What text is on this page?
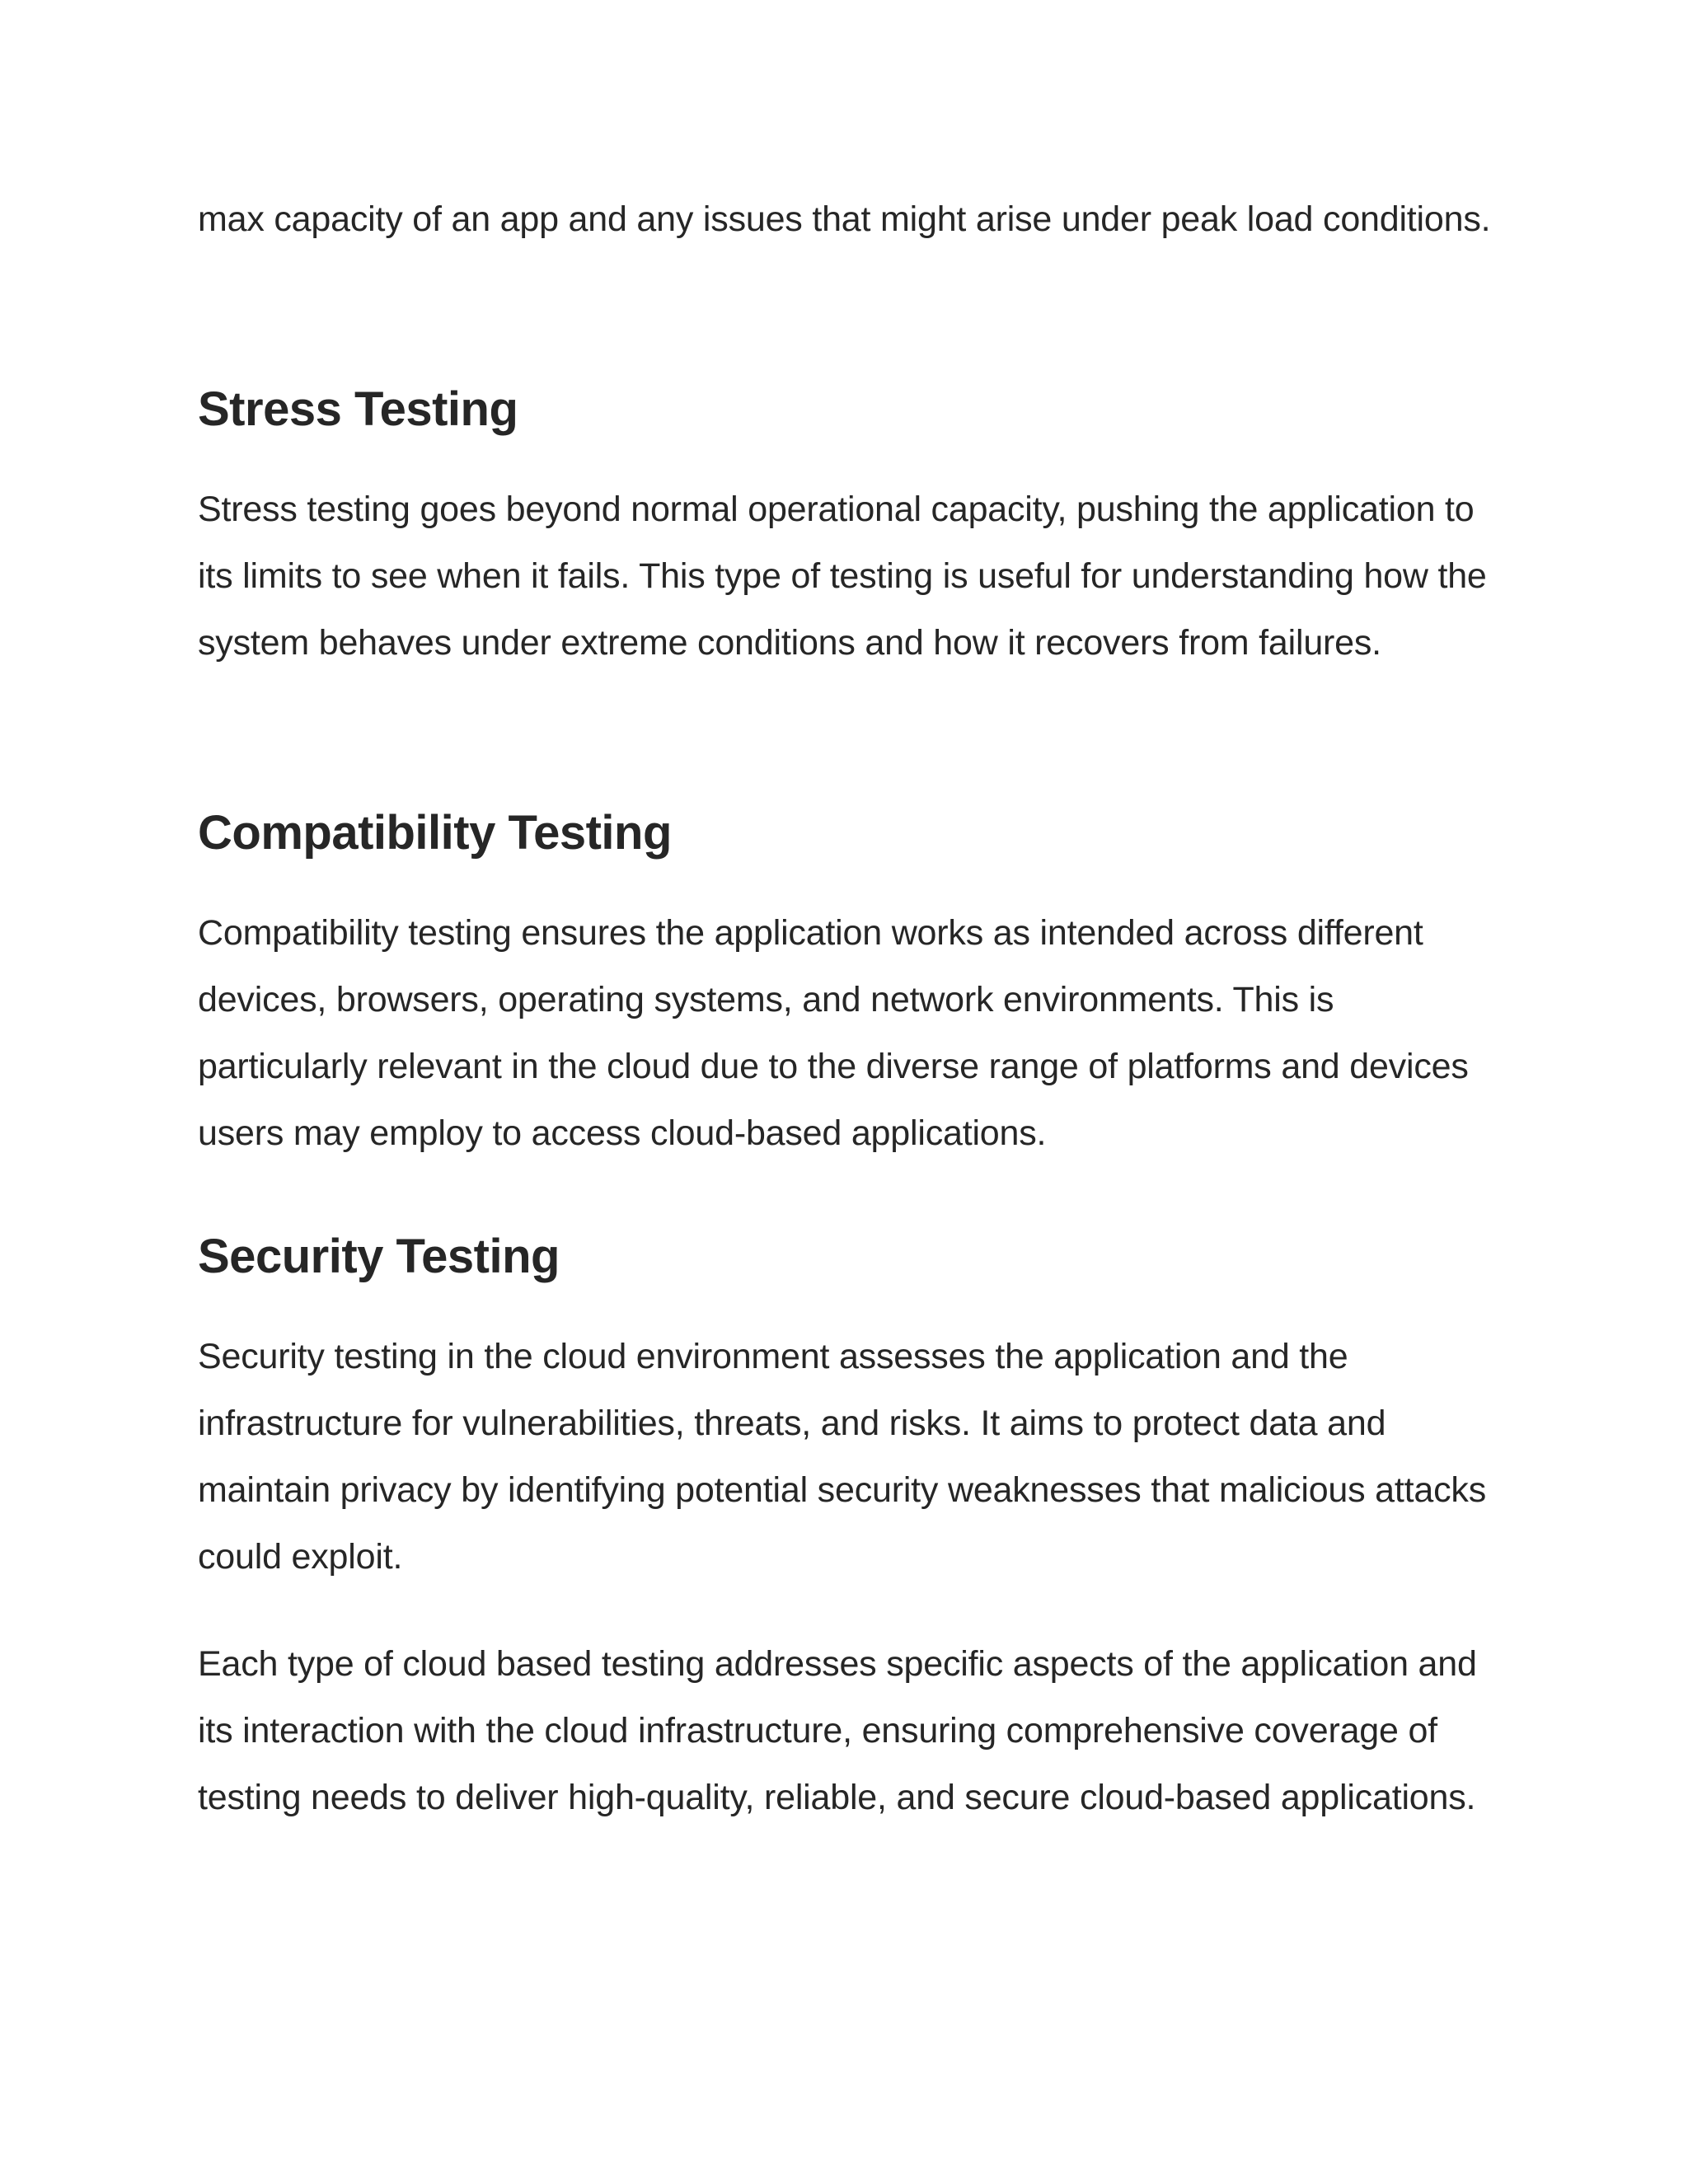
max capacity of an app and any issues that might arise under peak load conditions.

Stress Testing

Stress testing goes beyond normal operational capacity, pushing the application to its limits to see when it fails. This type of testing is useful for understanding how the system behaves under extreme conditions and how it recovers from failures.

Compatibility Testing

Compatibility testing ensures the application works as intended across different devices, browsers, operating systems, and network environments. This is particularly relevant in the cloud due to the diverse range of platforms and devices users may employ to access cloud-based applications.

Security Testing

Security testing in the cloud environment assesses the application and the infrastructure for vulnerabilities, threats, and risks. It aims to protect data and maintain privacy by identifying potential security weaknesses that malicious attacks could exploit.

Each type of cloud based testing addresses specific aspects of the application and its interaction with the cloud infrastructure, ensuring comprehensive coverage of testing needs to deliver high-quality, reliable, and secure cloud-based applications.
